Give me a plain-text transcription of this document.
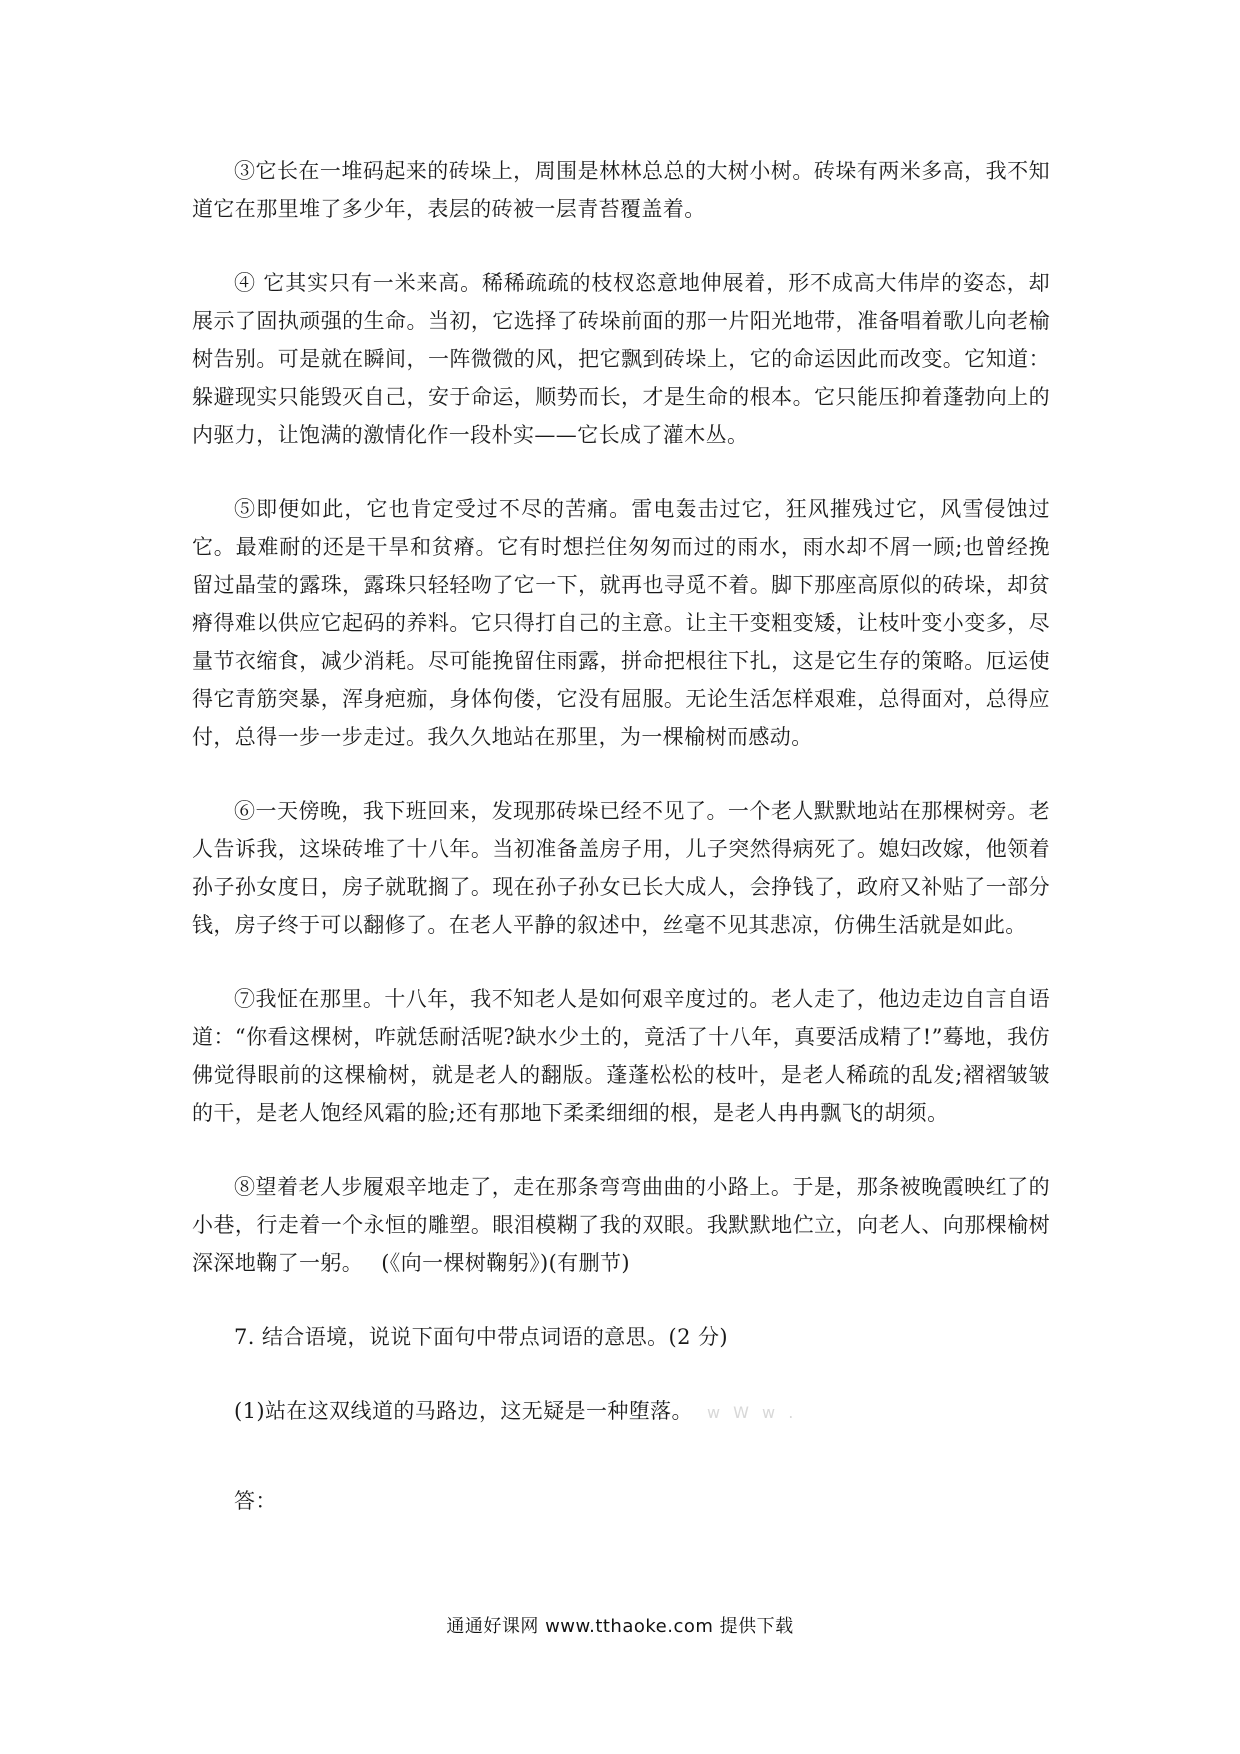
③它长在一堆码起来的砖垛上，周围是林林总总的大树小树。砖垛有两米多高，我不知道它在那里堆了多少年，表层的砖被一层青苔覆盖着。

④ 它其实只有一米来高。稀稀疏疏的枝杈恣意地伸展着，形不成高大伟岸的姿态，却展示了固执顽强的生命。当初，它选择了砖垛前面的那一片阳光地带，准备唱着歌儿向老榆树告别。可是就在瞬间，一阵微微的风，把它飘到砖垛上，它的命运因此而改变。它知道：躲避现实只能毁灭自己，安于命运，顺势而长，才是生命的根本。它只能压抑着蓬勃向上的内驱力，让饱满的激情化作一段朴实——它长成了灌木丛。

⑤即便如此，它也肯定受过不尽的苦痛。雷电轰击过它，狂风摧残过它，风雪侵蚀过它。最难耐的还是干旱和贫瘠。它有时想拦住匆匆而过的雨水，雨水却不屑一顾;也曾经挽留过晶莹的露珠，露珠只轻轻吻了它一下，就再也寻觅不着。脚下那座高原似的砖垛，却贫瘠得难以供应它起码的养料。它只得打自己的主意。让主干变粗变矮，让枝叶变小变多，尽量节衣缩食，减少消耗。尽可能挽留住雨露，拼命把根往下扎，这是它生存的策略。厄运使得它青筋突暴，浑身疤痂，身体佝偻，它没有屈服。无论生活怎样艰难，总得面对，总得应付，总得一步一步走过。我久久地站在那里，为一棵榆树而感动。

⑥一天傍晚，我下班回来，发现那砖垛已经不见了。一个老人默默地站在那棵树旁。老人告诉我，这垛砖堆了十八年。当初准备盖房子用，儿子突然得病死了。媳妇改嫁，他领着孙子孙女度日，房子就耽搁了。现在孙子孙女已长大成人，会挣钱了，政府又补贴了一部分钱，房子终于可以翻修了。在老人平静的叙述中，丝毫不见其悲凉，仿佛生活就是如此。

⑦我怔在那里。十八年，我不知老人是如何艰辛度过的。老人走了，他边走边自言自语道：“你看这棵树，咋就恁耐活呢?缺水少土的，竟活了十八年，真要活成精了!”蓦地，我仿佛觉得眼前的这棵榆树，就是老人的翻版。蓬蓬松松的枝叶，是老人稀疏的乱发;褶褶皱皱的干，是老人饱经风霜的脸;还有那地下柔柔细细的根，是老人冉冉飘飞的胡须。

⑧望着老人步履艰辛地走了，走在那条弯弯曲曲的小路上。于是，那条被晚霞映红了的小巷，行走着一个永恒的雕塑。眼泪模糊了我的双眼。我默默地伫立，向老人、向那棵榆树深深地鞠了一躬。 (《向一棵树鞠躬》)(有删节)

7. 结合语境，说说下面句中带点词语的意思。(2 分)

(1)站在这双线道的马路边，这无疑是一种堕落。 w W w .

答：

通通好课网 www.tthaoke.com 提供下载
